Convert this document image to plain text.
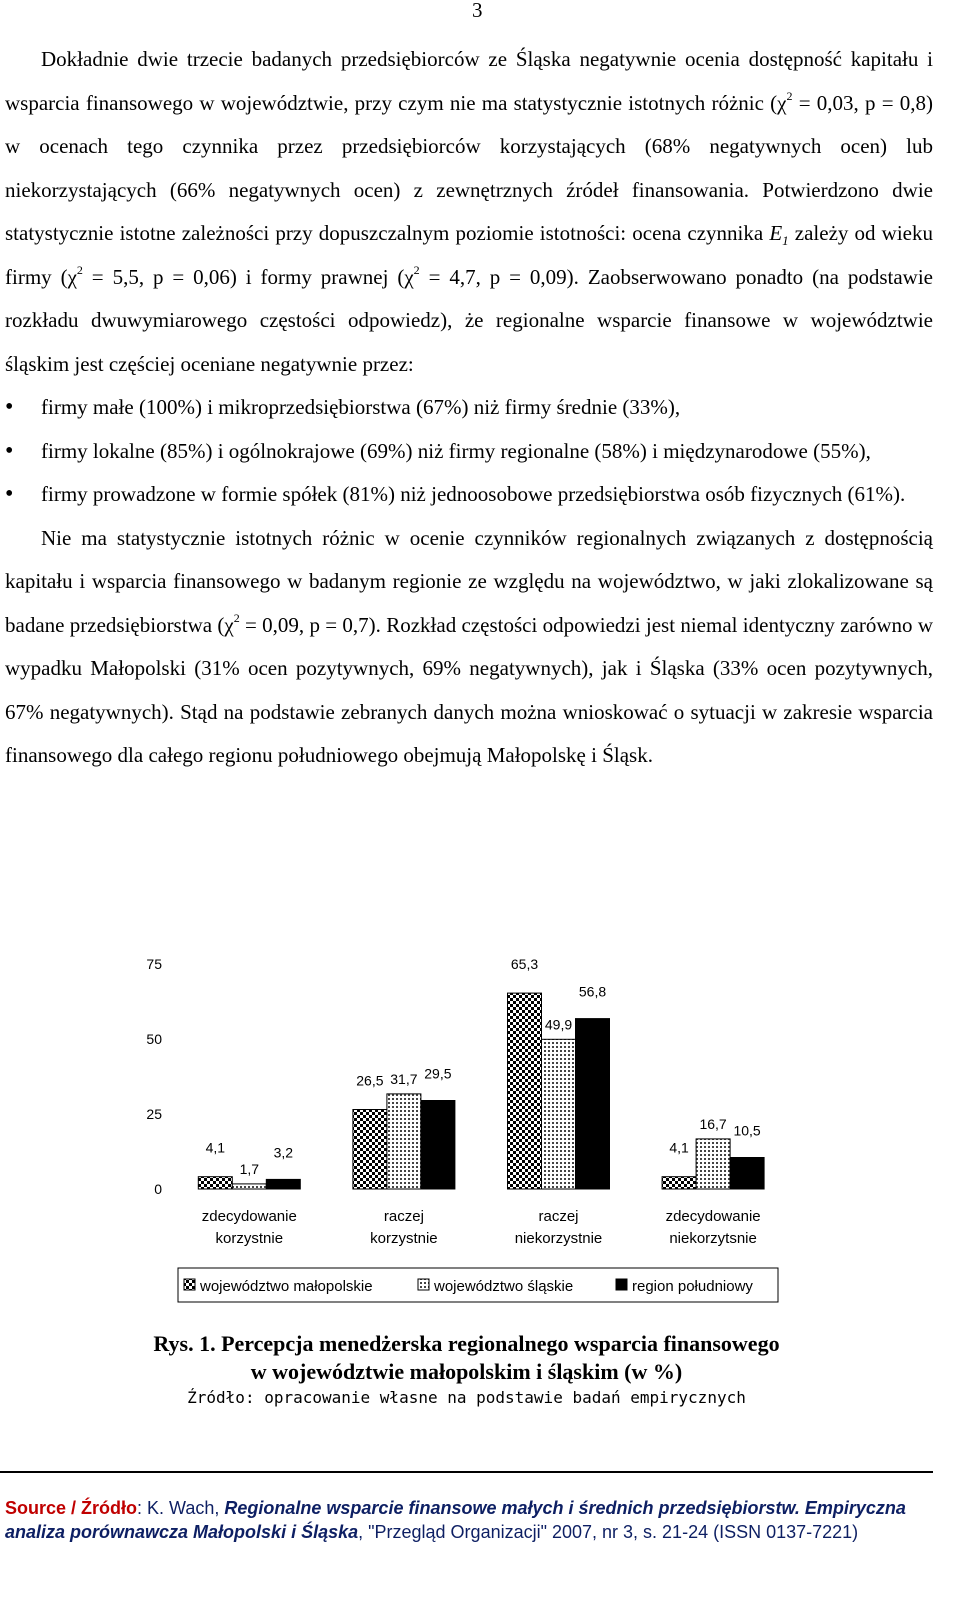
3

Dokładnie dwie trzecie badanych przedsiębiorców ze Śląska negatywnie ocenia dostępność kapitału i wsparcia finansowego w województwie, przy czym nie ma statystycznie istotnych różnic ($\chi^2 = 0,03$, p = 0,8) w ocenach tego czynnika przez przedsiębiorców korzystających (68% negatywnych ocen) lub niekorzystających (66% negatywnych ocen) z zewnętrznych źródeł finansowania. Potwierdzono dwie statystycznie istotne zależności przy dopuszczalnym poziomie istotności: ocena czynnika $E_1$ zależy od wieku firmy ($\chi^2 = 5,5$, p = 0,06) i formy prawnej ($\chi^2 = 4,7$, p = 0,09). Zaobserwowano ponadto (na podstawie rozkładu dwuwymiarowego częstości odpowiedz), że regionalne wsparcie finansowe w województwie śląskim jest częściej oceniane negatywnie przez:

• firmy małe (100%) i mikroprzedsiębiorstwa (67%) niż firmy średnie (33%),
• firmy lokalne (85%) i ogólnokrajowe (69%) niż firmy regionalne (58%) i międzynarodowe (55%),
• firmy prowadzone w formie spółek (81%) niż jednoosobowe przedsiębiorstwa osób fizycznych (61%).

Nie ma statystycznie istotnych różnic w ocenie czynników regionalnych związanych z dostępnością kapitału i wsparcia finansowego w badanym regionie ze względu na województwo, w jaki zlokalizowane są badane przedsiębiorstwa ($\chi^2 = 0,09$, p = 0,7). Rozkład częstości odpowiedzi jest niemal identyczny zarówno w wypadku Małopolski (31% ocen pozytywnych, 69% negatywnych), jak i Śląska (33% ocen pozytywnych, 67% negatywnych). Stąd na podstawie zebranych danych można wnioskować o sytuacji w zakresie wsparcia finansowego dla całego regionu południowego obejmują Małopolskę i Śląsk.

0
25
50
75
4,1
1,7
3,2
26,5 31,7 29,5
65,3
49,9
56,8
4,1
16,7 10,5
zdecydowanie
korzystnie
raczej
korzystnie
raczej
niekorzystnie
zdecydowanie
niekorzytsnie
województwo małopolskie	województwo śląskie	region południowy
Rys. 1. Percepcja menedżerska regionalnego wsparcia finansowego
w województwie małopolskim i śląskim (w %)
Źródło: opracowanie własne na podstawie badań empirycznych
Source / Źródło: K. Wach, Regionalne wsparcie finansowe małych i średnich przedsiębiorstw. Empiryczna analiza porównawcza Małopolski i Śląska, "Przegląd Organizacji" 2007, nr 3, s. 21-24 (ISSN 0137-7221)
